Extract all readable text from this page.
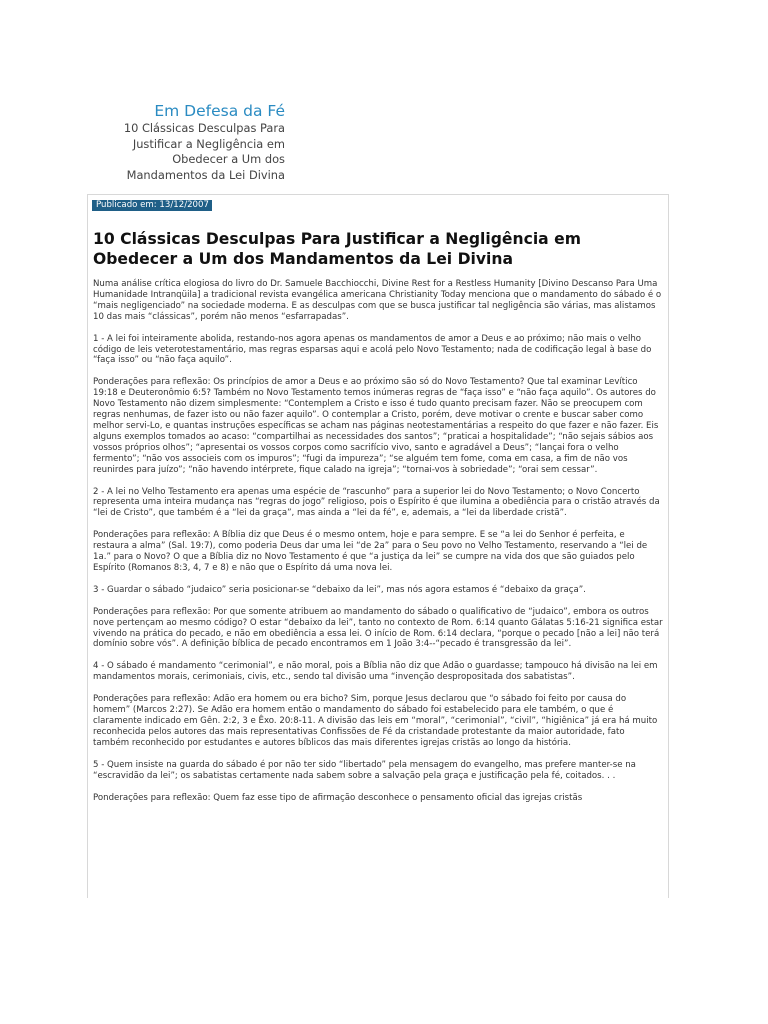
Em Defesa da Fé
10 Clássicas Desculpas Para Justificar a Negligência em Obedecer a Um dos Mandamentos da Lei Divina
Publicado em: 13/12/2007
10 Clássicas Desculpas Para Justificar a Negligência em Obedecer a Um dos Mandamentos da Lei Divina

Numa análise crítica elogiosa do livro do Dr. Samuele Bacchiocchi, Divine Rest for a Restless Humanity [Divino Descanso Para Uma Humanidade Intranqüila] a tradicional revista evangélica americana Christianity Today menciona que o mandamento do sábado é o “mais negligenciado” na sociedade moderna. E as desculpas com que se busca justificar tal negligência são várias, mas alistamos 10 das mais “clássicas”, porém não menos “esfarrapadas”.

1 - A lei foi inteiramente abolida, restando-nos agora apenas os mandamentos de amor a Deus e ao próximo; não mais o velho código de leis veterotestamentário, mas regras esparsas aqui e acolá pelo Novo Testamento; nada de codificação legal à base do “faça isso” ou “não faça aquilo”.

Ponderações para reflexão: Os princípios de amor a Deus e ao próximo são só do Novo Testamento? Que tal examinar Levítico 19:18 e Deuteronômio 6:5? Também no Novo Testamento temos inúmeras regras de “faça isso” e “não faça aquilo”. Os autores do Novo Testamento não dizem simplesmente: “Contemplem a Cristo e isso é tudo quanto precisam fazer. Não se preocupem com regras nenhumas, de fazer isto ou não fazer aquilo”. O contemplar a Cristo, porém, deve motivar o crente e buscar saber como melhor servi-Lo, e quantas instruções específicas se acham nas páginas neotestamentárias a respeito do que fazer e não fazer. Eis alguns exemplos tomados ao acaso: “compartilhai as necessidades dos santos”; “praticai a hospitalidade”; “não sejais sábios aos vossos próprios olhos”; “apresentai os vossos corpos como sacrifício vivo, santo e agradável a Deus”; “lançai fora o velho fermento”; “não vos associeis com os impuros”; “fugi da impureza”; “se alguém tem fome, coma em casa, a fim de não vos reunirdes para juízo”; “não havendo intérprete, fique calado na igreja”; “tornai-vos à sobriedade”; “orai sem cessar”.

2 - A lei no Velho Testamento era apenas uma espécie de “rascunho” para a superior lei do Novo Testamento; o Novo Concerto representa uma inteira mudança nas “regras do jogo” religioso, pois o Espírito é que ilumina a obediência para o cristão através da “lei de Cristo”, que também é a “lei da graça”, mas ainda a “lei da fé”, e, ademais, a “lei da liberdade cristã”.

Ponderações para reflexão: A Bíblia diz que Deus é o mesmo ontem, hoje e para sempre. E se “a lei do Senhor é perfeita, e restaura a alma” (Sal. 19:7), como poderia Deus dar uma lei “de 2a” para o Seu povo no Velho Testamento, reservando a “lei de 1a.” para o Novo? O que a Bíblia diz no Novo Testamento é que “a justiça da lei” se cumpre na vida dos que são guiados pelo Espírito (Romanos 8:3, 4, 7 e 8) e não que o Espírito dá uma nova lei.

3 - Guardar o sábado “judaico” seria posicionar-se “debaixo da lei”, mas nós agora estamos é “debaixo da graça”.

Ponderações para reflexão: Por que somente atribuem ao mandamento do sábado o qualificativo de “judaico”, embora os outros nove pertençam ao mesmo código? O estar “debaixo da lei”, tanto no contexto de Rom. 6:14 quanto Gálatas 5:16-21 significa estar vivendo na prática do pecado, e não em obediência a essa lei. O início de Rom. 6:14 declara, “porque o pecado [não a lei] não terá domínio sobre vós”. A definição bíblica de pecado encontramos em 1 João 3:4--“pecado é transgressão da lei”.

4 - O sábado é mandamento “cerimonial”, e não moral, pois a Bíblia não diz que Adão o guardasse; tampouco há divisão na lei em mandamentos morais, cerimoniais, civis, etc., sendo tal divisão uma “invenção despropositada dos sabatistas”.

Ponderações para reflexão: Adão era homem ou era bicho? Sim, porque Jesus declarou que “o sábado foi feito por causa do homem” (Marcos 2:27). Se Adão era homem então o mandamento do sábado foi estabelecido para ele também, o que é claramente indicado em Gên. 2:2, 3 e Êxo. 20:8-11. A divisão das leis em “moral”, “cerimonial”, “civil”, “higiênica” já era há muito reconhecida pelos autores das mais representativas Confissões de Fé da cristandade protestante da maior autoridade, fato também reconhecido por estudantes e autores bíblicos das mais diferentes igrejas cristãs ao longo da história.

5 - Quem insiste na guarda do sábado é por não ter sido “libertado” pela mensagem do evangelho, mas prefere manter-se na “escravidão da lei”; os sabatistas certamente nada sabem sobre a salvação pela graça e justificação pela fé, coitados. . .

Ponderações para reflexão: Quem faz esse tipo de afirmação desconhece o pensamento oficial das igrejas cristãs
